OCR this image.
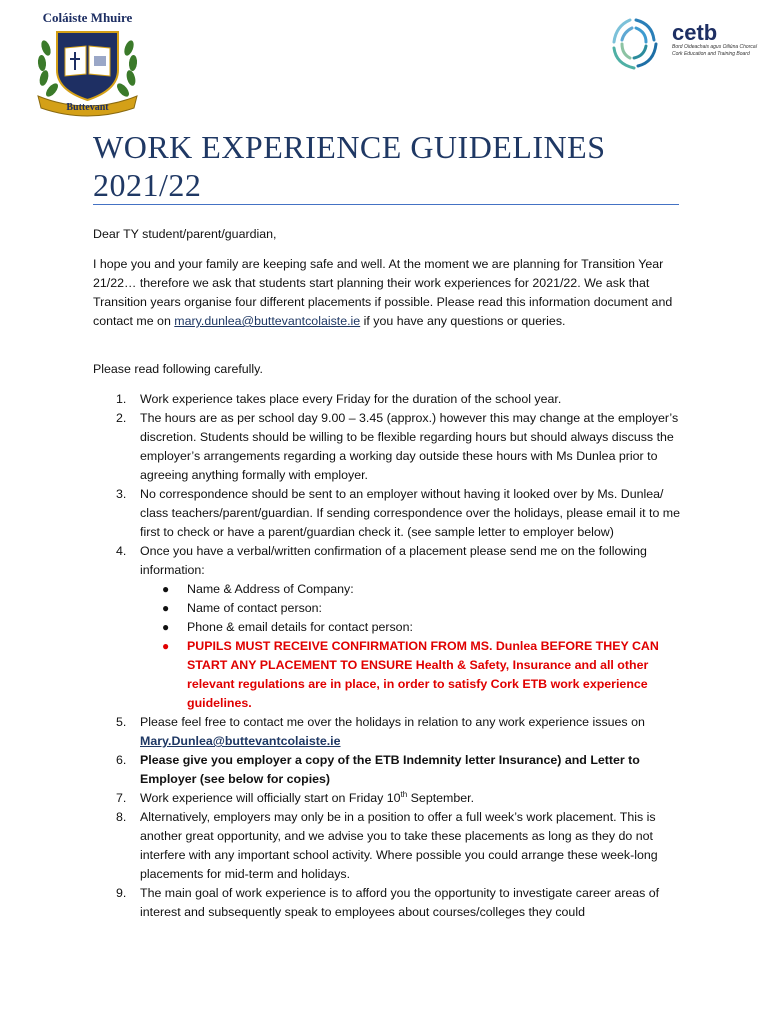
Coláiste Mhuire
Buttevant
cetb
Bord Oideachais agus Oiliúna Chorcaí Cork Education and Training Board
WORK EXPERIENCE GUIDELINES
2021/22
Dear TY student/parent/guardian,
I hope you and your family are keeping safe and well. At the moment we are planning for Transition Year 21/22… therefore we ask that students start planning their work experiences for 2021/22. We ask that Transition years organise four different placements if possible. Please read this information document and contact me on mary.dunlea@buttevantcolaiste.ie if you have any questions or queries.
Please read following carefully.
1. Work experience takes place every Friday for the duration of the school year.
2. The hours are as per school day 9.00 – 3.45 (approx.) however this may change at the employer’s discretion. Students should be willing to be flexible regarding hours but should always discuss the employer’s arrangements regarding a working day outside these hours with Ms Dunlea prior to agreeing anything formally with employer.
3. No correspondence should be sent to an employer without having it looked over by Ms. Dunlea/ class teachers/parent/guardian. If sending correspondence over the holidays, please email it to me first to check or have a parent/guardian check it. (see sample letter to employer below)
4. Once you have a verbal/written confirmation of a placement please send me on the following information:
● Name & Address of Company:
● Name of contact person:
● Phone & email details for contact person:
● PUPILS MUST RECEIVE CONFIRMATION FROM MS. Dunlea BEFORE THEY CAN START ANY PLACEMENT TO ENSURE Health & Safety, Insurance and all other relevant regulations are in place, in order to satisfy Cork ETB work experience guidelines.
5. Please feel free to contact me over the holidays in relation to any work experience issues on Mary.Dunlea@buttevantcolaiste.ie
6. Please give you employer a copy of the ETB Indemnity letter Insurance) and Letter to Employer (see below for copies)
7. Work experience will officially start on Friday 10th September.
8. Alternatively, employers may only be in a position to offer a full week’s work placement. This is another great opportunity, and we advise you to take these placements as long as they do not interfere with any important school activity. Where possible you could arrange these week-long placements for mid-term and holidays.
9. The main goal of work experience is to afford you the opportunity to investigate career areas of interest and subsequently speak to employees about courses/colleges they could
